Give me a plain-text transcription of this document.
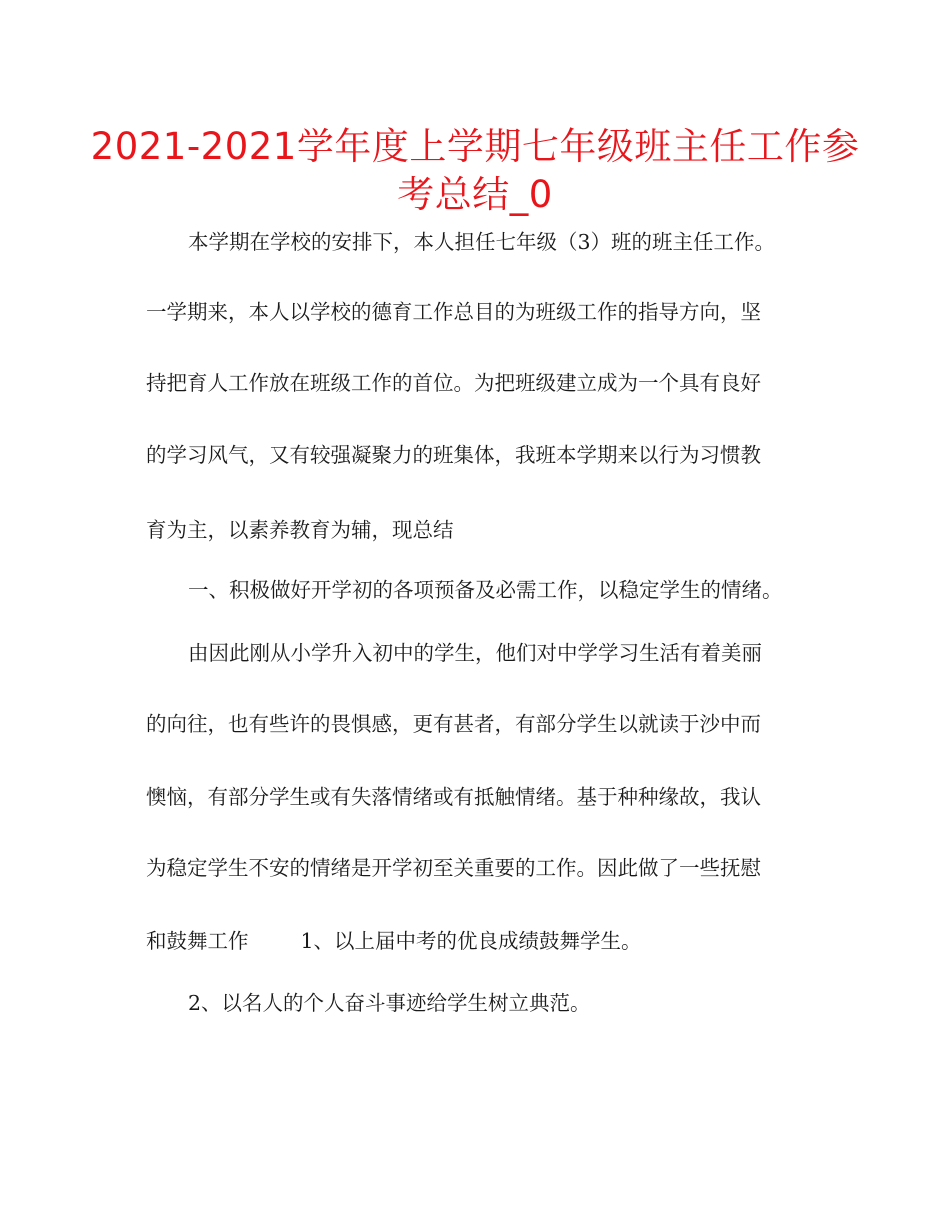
2021-2021学年度上学期七年级班主任工作参
考总结_0
本学期在学校的安排下，本人担任七年级（3）班的班主任工作。
一学期来，本人以学校的德育工作总目的为班级工作的指导方向，坚
持把育人工作放在班级工作的首位。为把班级建立成为一个具有良好
的学习风气，又有较强凝聚力的班集体，我班本学期来以行为习惯教
育为主，以素养教育为辅，现总结
一、积极做好开学初的各项预备及必需工作，以稳定学生的情绪。
由因此刚从小学升入初中的学生，他们对中学学习生活有着美丽
的向往，也有些许的畏惧感，更有甚者，有部分学生以就读于沙中而
懊恼，有部分学生或有失落情绪或有抵触情绪。基于种种缘故，我认
为稳定学生不安的情绪是开学初至关重要的工作。因此做了一些抚慰
和鼓舞工作	1、以上届中考的优良成绩鼓舞学生。
2、以名人的个人奋斗事迹给学生树立典范。
